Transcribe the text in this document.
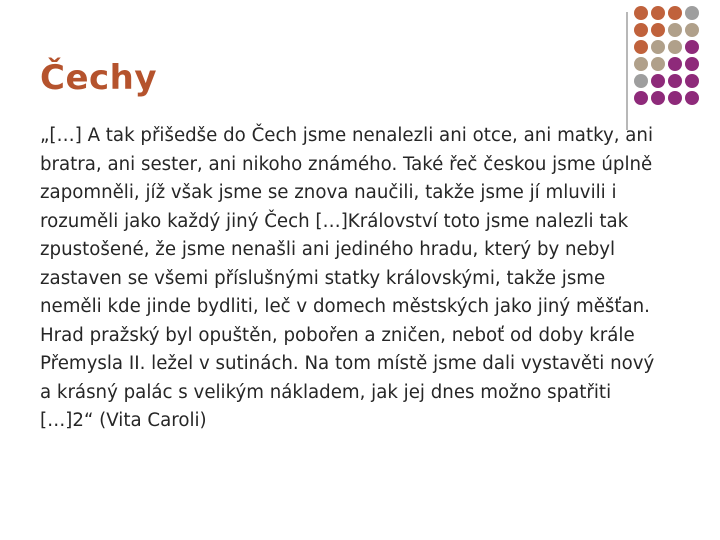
Čechy

„[…] A tak přišedše do Čech jsme nenalezli ani otce, ani matky, ani bratra, ani sester, ani nikoho známého. Také řeč českou jsme úplně zapomněli, jíž však jsme se znova naučili, takže jsme jí mluvili i rozuměli jako každý jiný Čech […]Království toto jsme nalezli tak zpustošené, že jsme nenašli ani jediného hradu, který by nebyl zastaven se všemi příslušnými statky královskými, takže jsme neměli kde jinde bydliti, leč v domech městských jako jiný měšťan. Hrad pražský byl opuštěn, pobořen a zničen, neboť od doby krále Přemysla II. ležel v sutinách. Na tom místě jsme dali vystavěti nový a krásný palác s velikým nákladem, jak jej dnes možno spatřiti […]2“ (Vita Caroli)
